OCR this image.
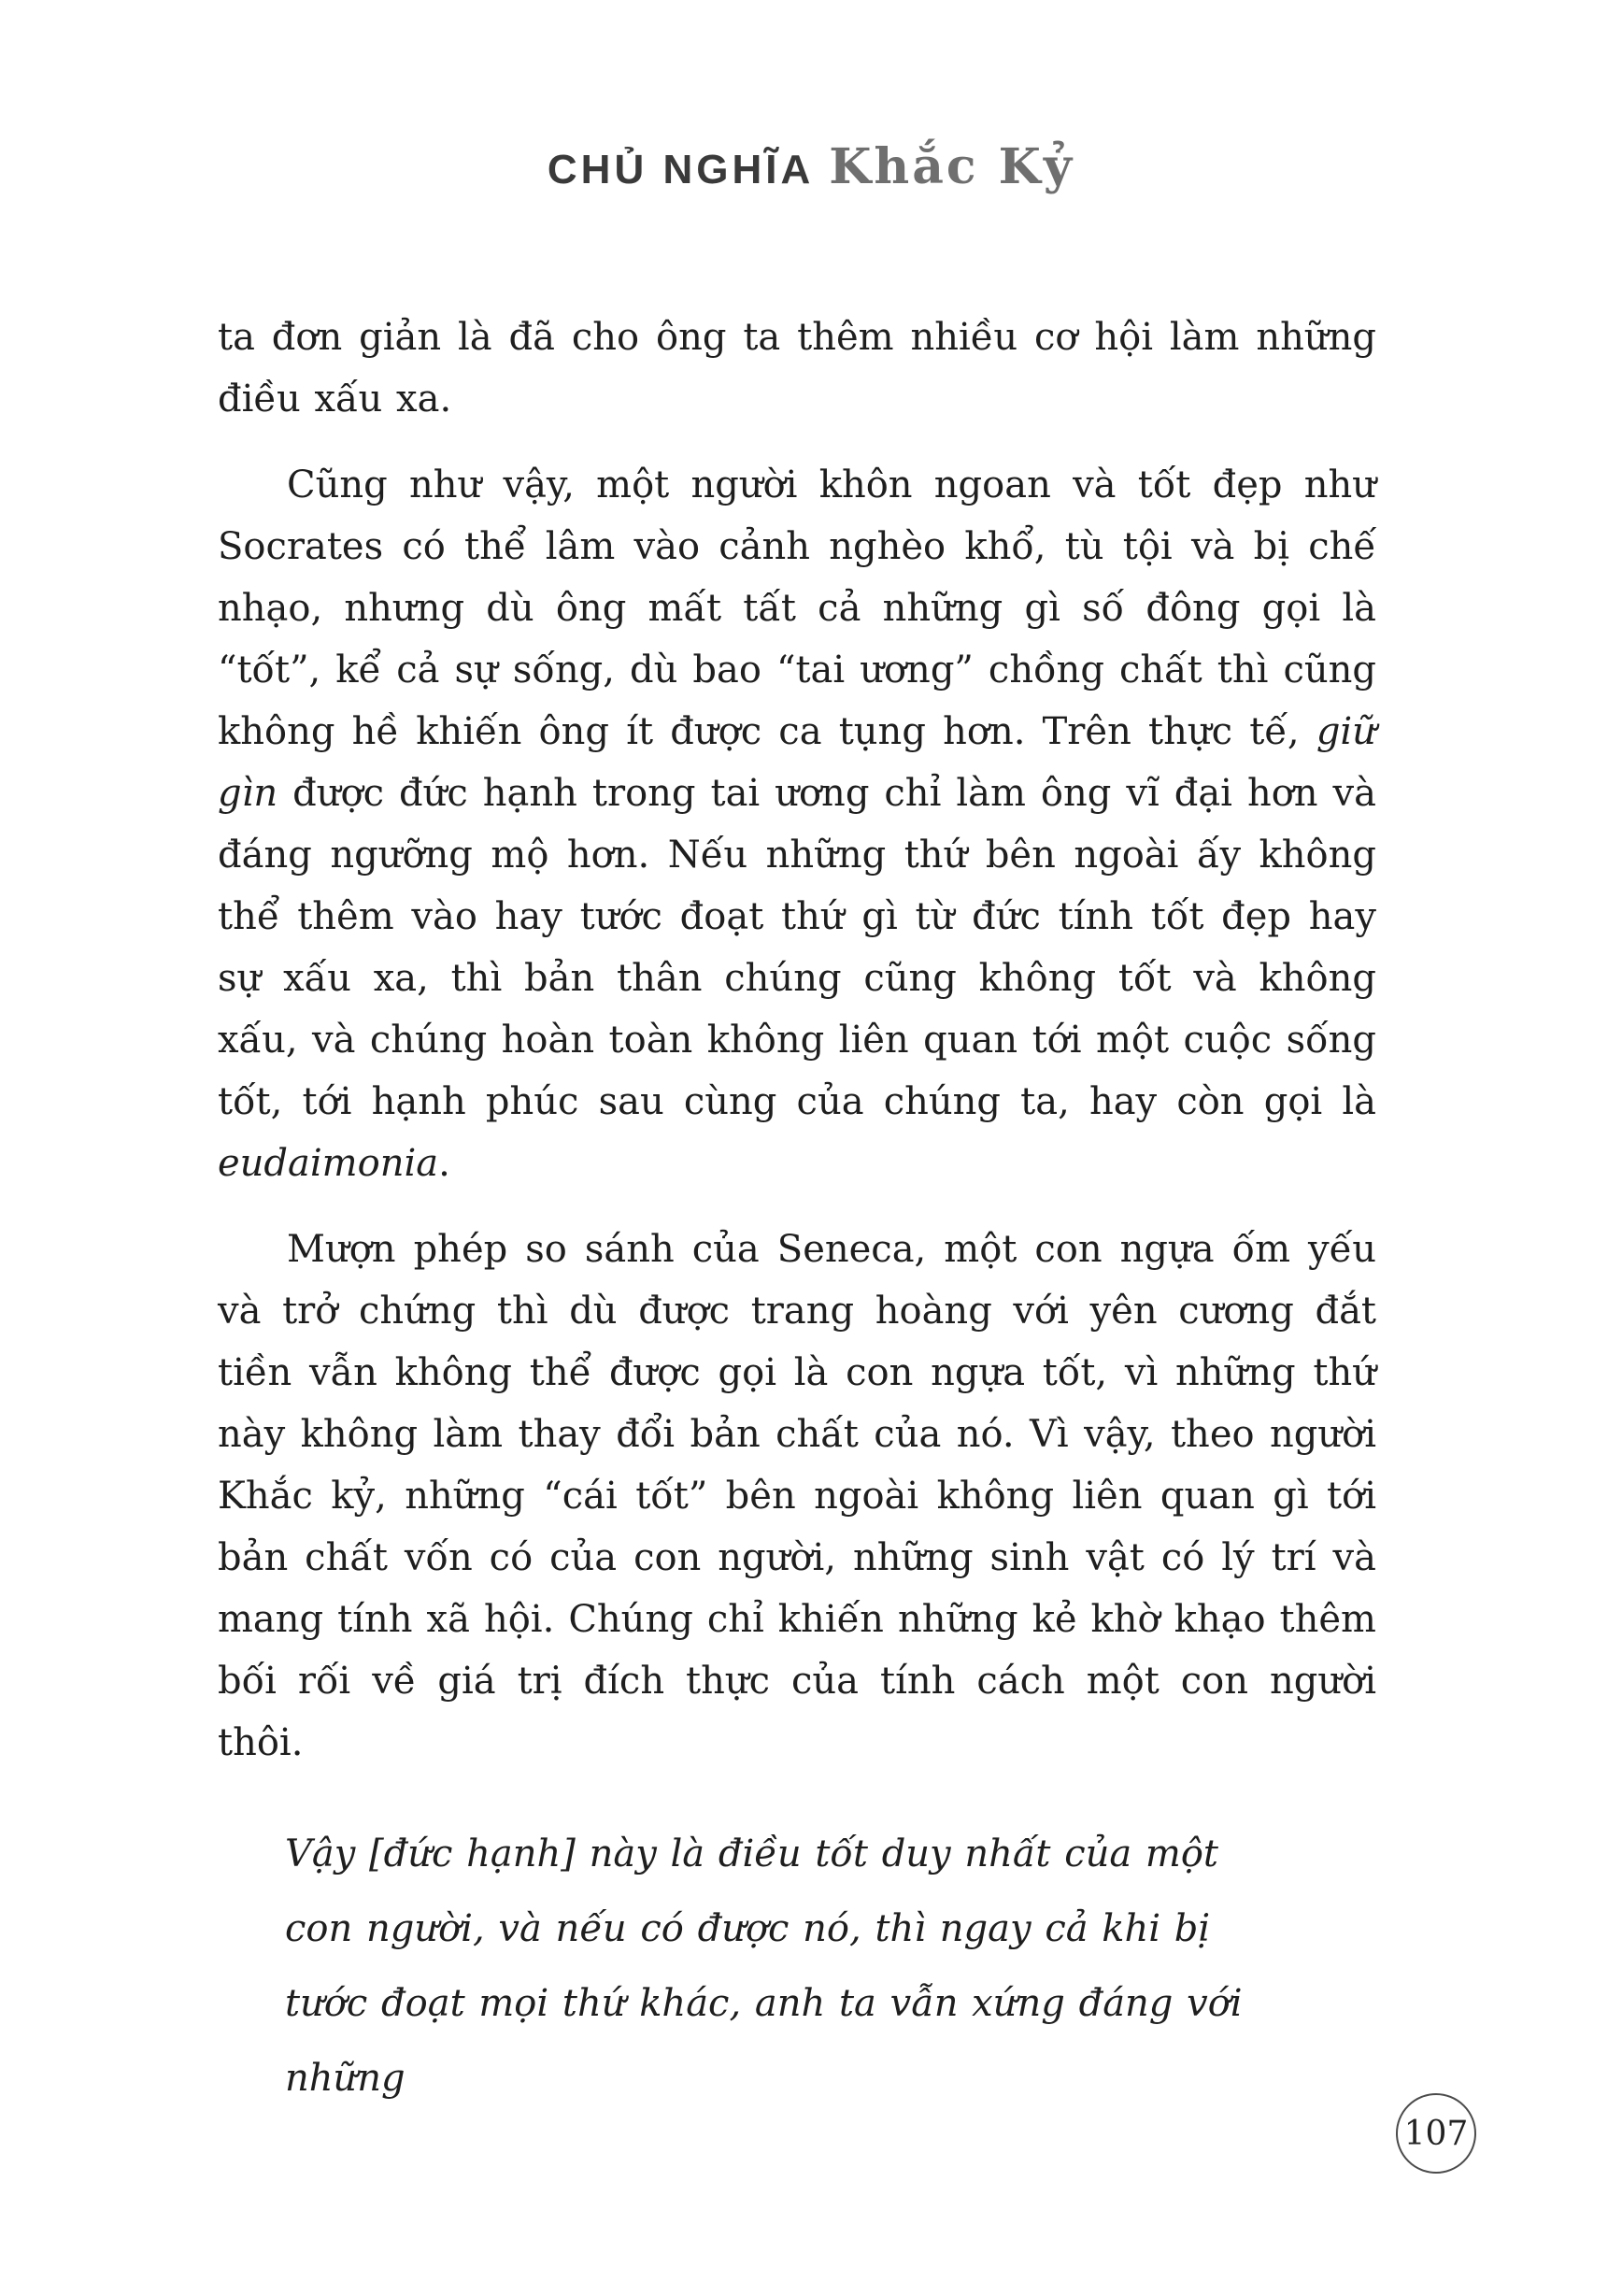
CHỦ NGHĨA Khắc Kỷ

ta đơn giản là đã cho ông ta thêm nhiều cơ hội làm những điều xấu xa.

Cũng như vậy, một người khôn ngoan và tốt đẹp như Socrates có thể lâm vào cảnh nghèo khổ, tù tội và bị chế nhạo, nhưng dù ông mất tất cả những gì số đông gọi là “tốt”, kể cả sự sống, dù bao “tai ương” chồng chất thì cũng không hề khiến ông ít được ca tụng hơn. Trên thực tế, giữ gìn được đức hạnh trong tai ương chỉ làm ông vĩ đại hơn và đáng ngưỡng mộ hơn. Nếu những thứ bên ngoài ấy không thể thêm vào hay tước đoạt thứ gì từ đức tính tốt đẹp hay sự xấu xa, thì bản thân chúng cũng không tốt và không xấu, và chúng hoàn toàn không liên quan tới một cuộc sống tốt, tới hạnh phúc sau cùng của chúng ta, hay còn gọi là eudaimonia.

Mượn phép so sánh của Seneca, một con ngựa ốm yếu và trở chứng thì dù được trang hoàng với yên cương đắt tiền vẫn không thể được gọi là con ngựa tốt, vì những thứ này không làm thay đổi bản chất của nó. Vì vậy, theo người Khắc kỷ, những “cái tốt” bên ngoài không liên quan gì tới bản chất vốn có của con người, những sinh vật có lý trí và mang tính xã hội. Chúng chỉ khiến những kẻ khờ khạo thêm bối rối về giá trị đích thực của tính cách một con người thôi.

Vậy [đức hạnh] này là điều tốt duy nhất của một con người, và nếu có được nó, thì ngay cả khi bị tước đoạt mọi thứ khác, anh ta vẫn xứng đáng với những

107
